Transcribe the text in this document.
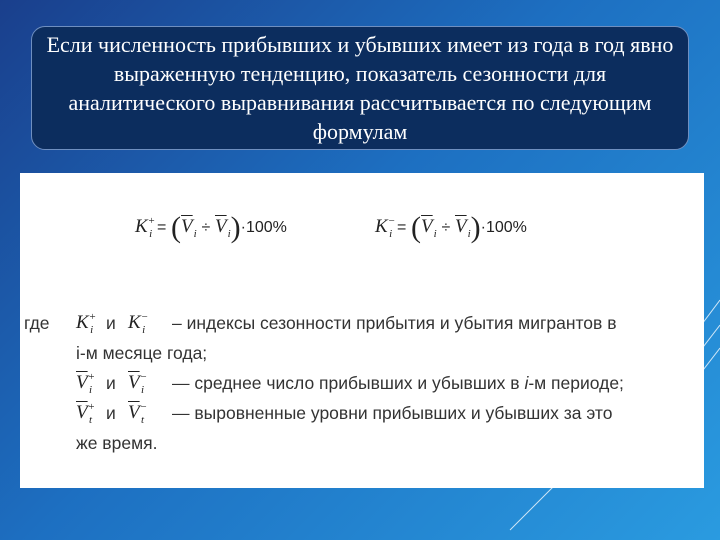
Если численность прибывших и убывших имеет из года в год явно выраженную тенденцию, показатель сезонности для аналитического выравнивания рассчитывается по следующим формулам
$K^+_i = (\overline{V}_i \div \overline{V}_i)\cdot 100\%$	$K^-_i = (\overline{V}_i \div \overline{V}_i)\cdot 100\%$
где $K^+_i$ и $K^-_i$ – индексы сезонности прибытия и убытия мигрантов в
i-м месяце года;
$\overline{V}^+_i$ и $\overline{V}^-_i$ — среднее число прибывших и убывших в i-м периоде;
$\overline{V}^+_t$ и $\overline{V}^-_t$ — выровненные уровни прибывших и убывших за это
же время.
